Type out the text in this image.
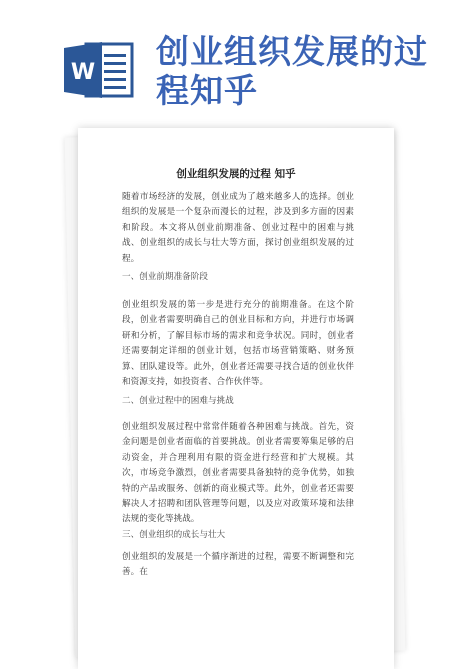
W
创业组织发展的过程知乎
创业组织发展的过程 知乎
随着市场经济的发展，创业成为了越来越多人的选择。创业组织的发展是一个复杂而漫长的过程，涉及到多方面的因素和阶段。本文将从创业前期准备、创业过程中的困难与挑战、创业组织的成长与壮大等方面，探讨创业组织发展的过程。
一、创业前期准备阶段
创业组织发展的第一步是进行充分的前期准备。在这个阶段，创业者需要明确自己的创业目标和方向，并进行市场调研和分析，了解目标市场的需求和竞争状况。同时，创业者还需要制定详细的创业计划，包括市场营销策略、财务预算、团队建设等。此外，创业者还需要寻找合适的创业伙伴和资源支持，如投资者、合作伙伴等。
二、创业过程中的困难与挑战
创业组织发展过程中常常伴随着各种困难与挑战。首先，资金问题是创业者面临的首要挑战。创业者需要筹集足够的启动资金，并合理利用有限的资金进行经营和扩大规模。其次，市场竞争激烈，创业者需要具备独特的竞争优势，如独特的产品或服务、创新的商业模式等。此外，创业者还需要解决人才招聘和团队管理等问题，以及应对政策环境和法律法规的变化等挑战。
三、创业组织的成长与壮大
创业组织的发展是一个循序渐进的过程，需要不断调整和完善。在
